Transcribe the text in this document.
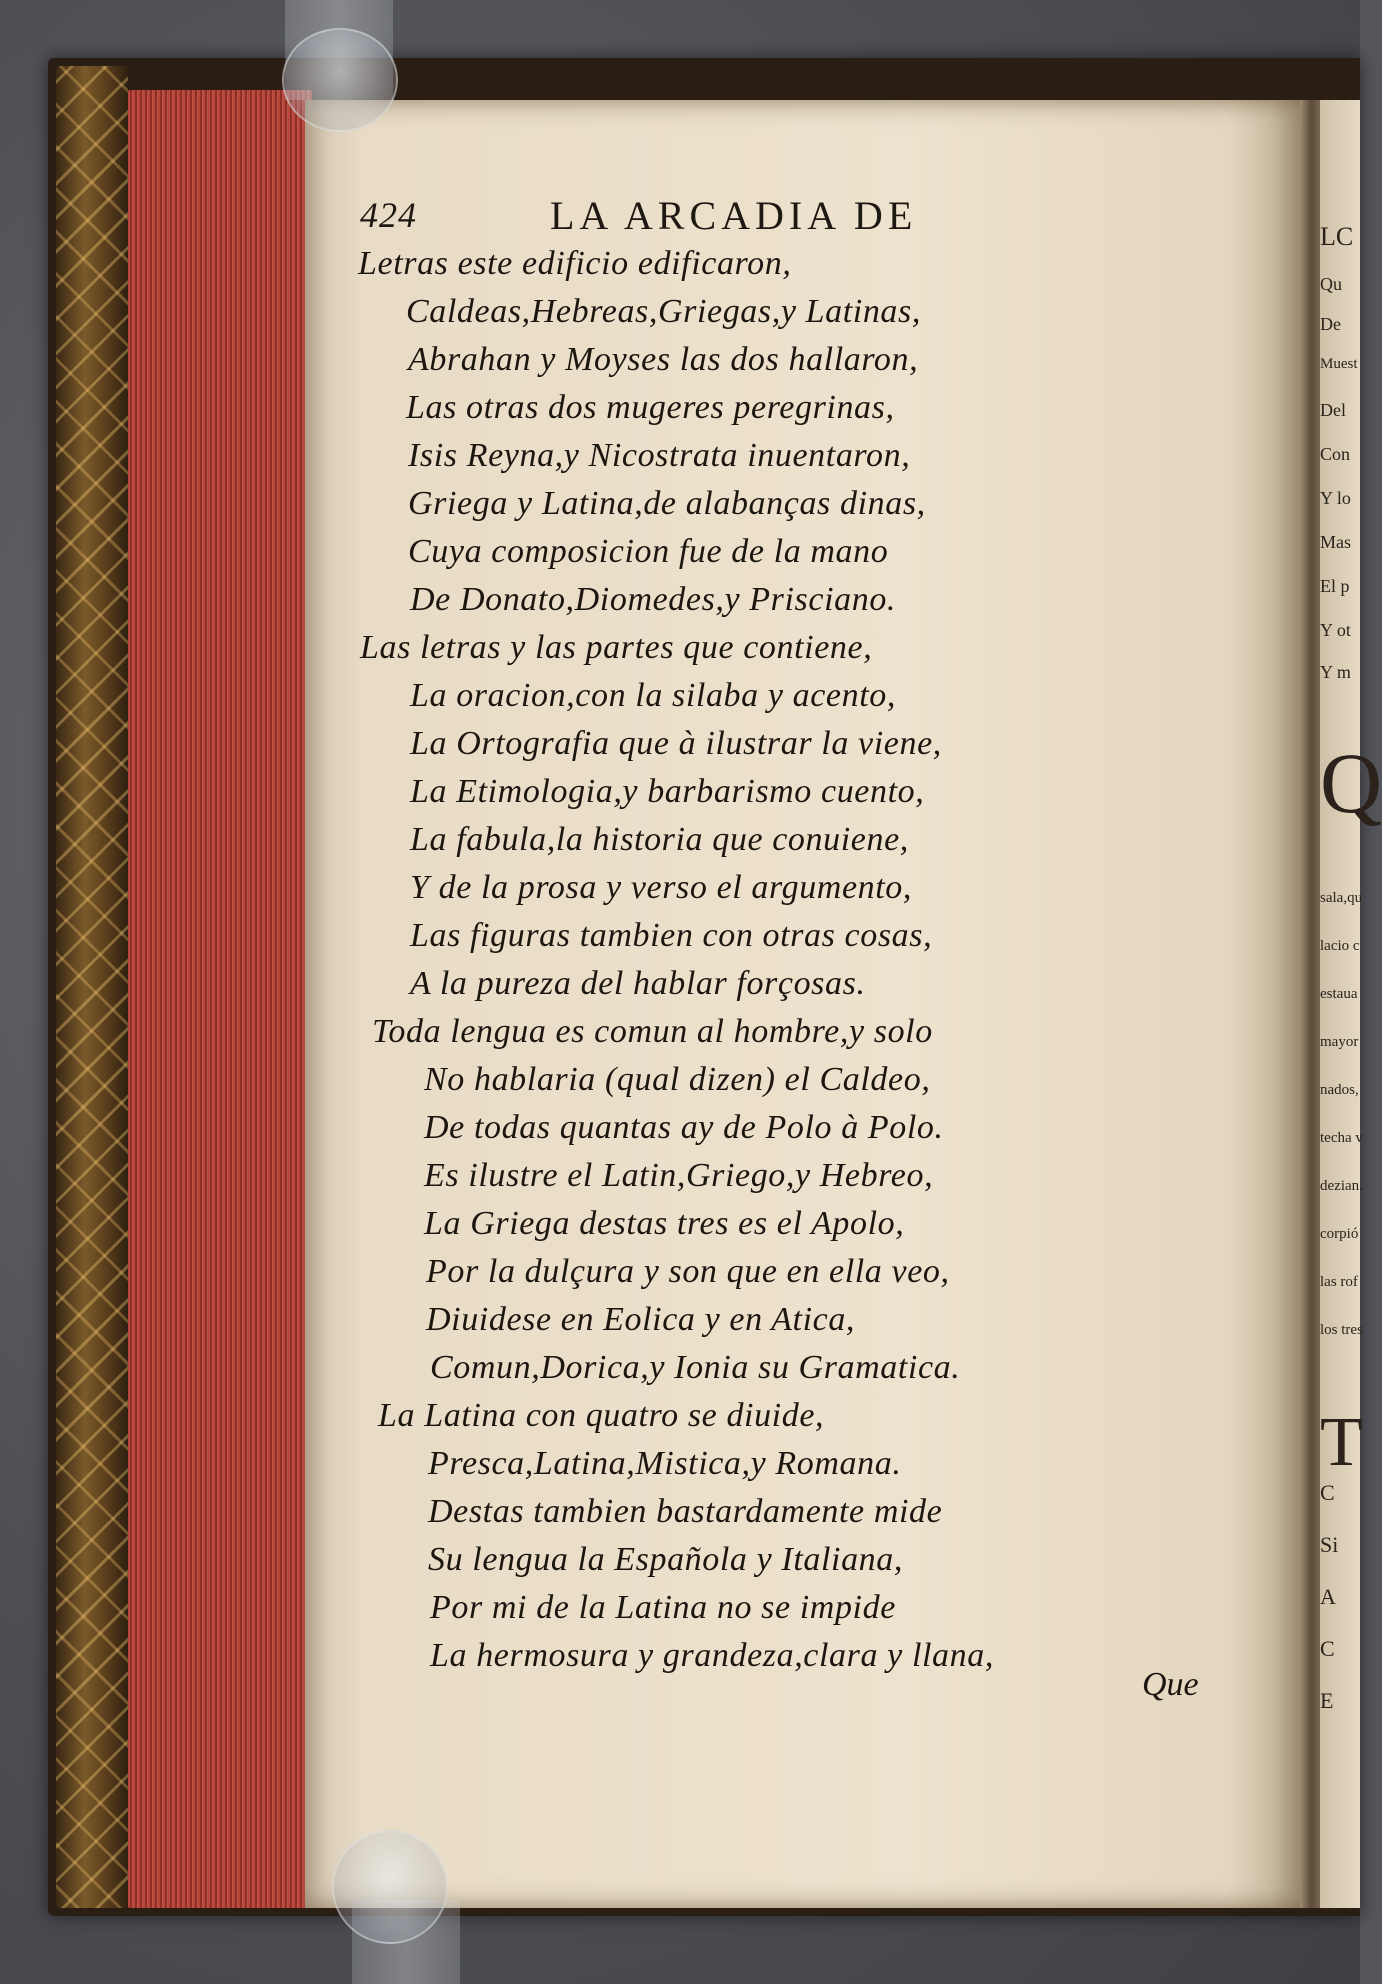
LC
Qu
De
Muest
Del
Con
Y lo
Mas
El p
Y ot
Y m
Q
sala,qu
lacio c
estaua
mayor
nados,
techa v
dezian.
corpió
las rof
los tres
T
C
Si
A
C
E
424	LA ARCADIA DE
Letras este edificio edificaron,
Caldeas,Hebreas,Griegas,y Latinas,
Abrahan y Moyses las dos hallaron,
Las otras dos mugeres peregrinas,
Isis Reyna,y Nicostrata inuentaron,
Griega y Latina,de alabanças dinas,
Cuya composicion fue de la mano
De Donato,Diomedes,y Prisciano.
Las letras y las partes que contiene,
La oracion,con la silaba y acento,
La Ortografia que à ilustrar la viene,
La Etimologia,y barbarismo cuento,
La fabula,la historia que conuiene,
Y de la prosa y verso el argumento,
Las figuras tambien con otras cosas,
A la pureza del hablar forçosas.
Toda lengua es comun al hombre,y solo
No hablaria (qual dizen) el Caldeo,
De todas quantas ay de Polo à Polo.
Es ilustre el Latin,Griego,y Hebreo,
La Griega destas tres es el Apolo,
Por la dulçura y son que en ella veo,
Diuidese en Eolica y en Atica,
Comun,Dorica,y Ionia su Gramatica.
La Latina con quatro se diuide,
Presca,Latina,Mistica,y Romana.
Destas tambien bastardamente mide
Su lengua la Española y Italiana,
Por mi de la Latina no se impide
La hermosura y grandeza,clara y llana,
Que
